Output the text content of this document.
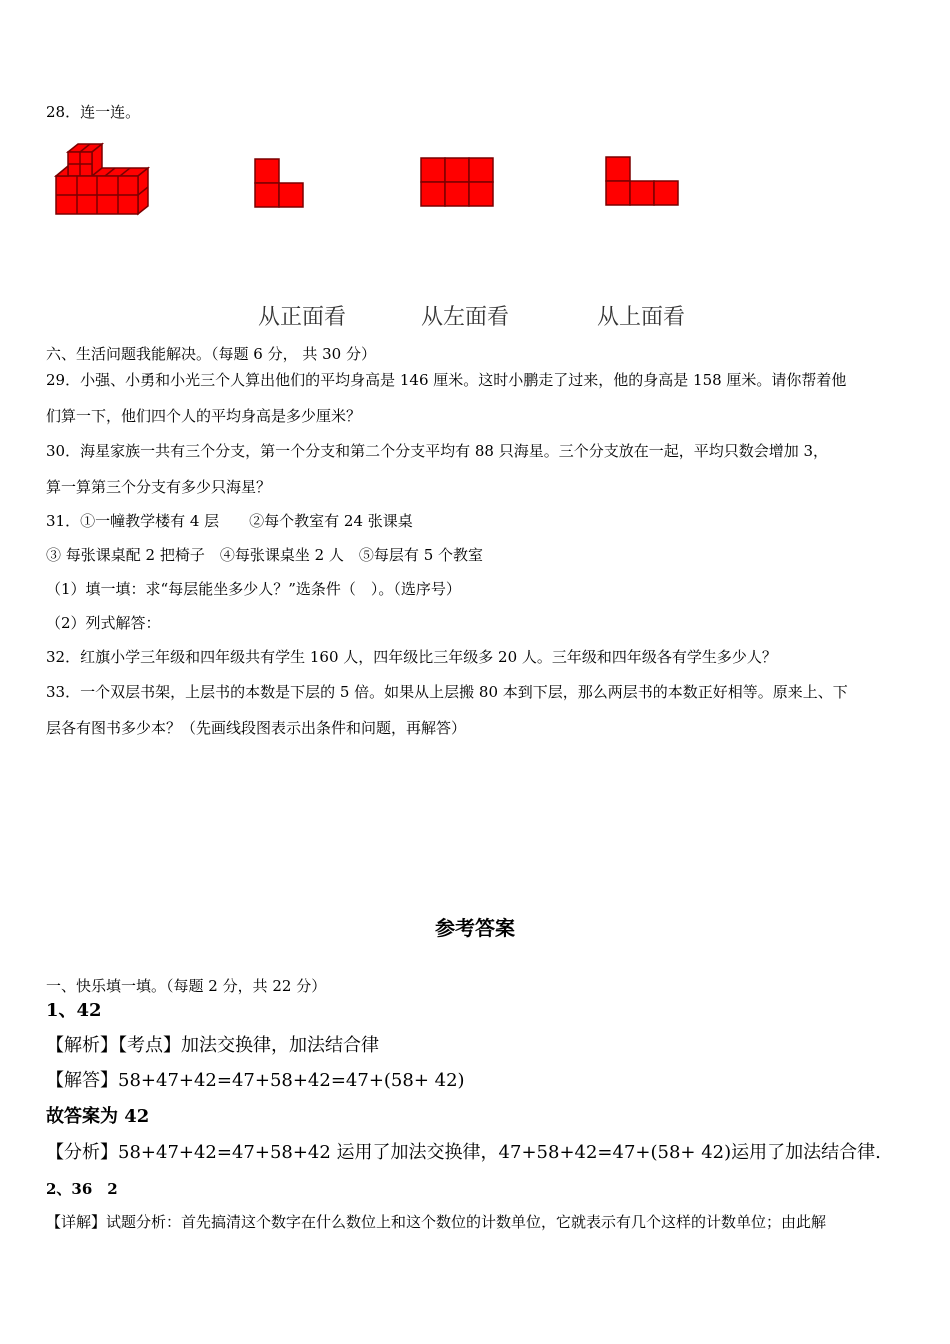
28．连一连。
从正面看	从左面看	从上面看
六、生活问题我能解决。（每题 6 分， 共 30 分）
29．小强、小勇和小光三个人算出他们的平均身高是 146 厘米。这时小鹏走了过来，他的身高是 158 厘米。请你帮着他
们算一下，他们四个人的平均身高是多少厘米？
30．海星家族一共有三个分支，第一个分支和第二个分支平均有 88 只海星。三个分支放在一起，平均只数会增加 3，
算一算第三个分支有多少只海星？
31．①一幢教学楼有 4 层　　②每个教室有 24 张课桌
③ 每张课桌配 2 把椅子　④每张课桌坐 2 人　⑤每层有 5 个教室
（1）填一填：求“每层能坐多少人？”选条件（　）。（选序号）
（2）列式解答：
32．红旗小学三年级和四年级共有学生 160 人，四年级比三年级多 20 人。三年级和四年级各有学生多少人？
33．一个双层书架，上层书的本数是下层的 5 倍。如果从上层搬 80 本到下层，那么两层书的本数正好相等。原来上、下
层各有图书多少本？（先画线段图表示出条件和问题，再解答）
参考答案
一、快乐填一填。（每题 2 分，共 22 分）
1、42
【解析】【考点】加法交换律，加法结合律
【解答】58+47+42=47+58+42=47+(58+ 42)
故答案为 42
【分析】58+47+42=47+58+42 运用了加法交换律，47+58+42=47+(58+ 42)运用了加法结合律.
2、36　2
【详解】试题分析：首先搞清这个数字在什么数位上和这个数位的计数单位，它就表示有几个这样的计数单位；由此解
